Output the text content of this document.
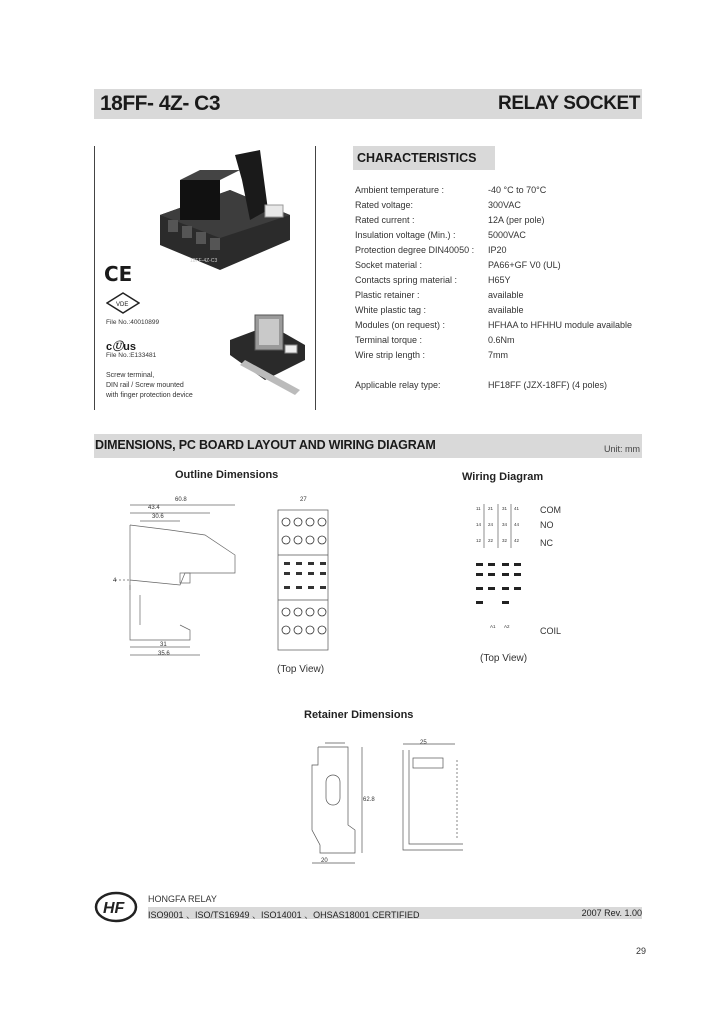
18FF- 4Z- C3	RELAY SOCKET
18FF-4Z-C3
CE
VDE
File No.:40010899
cⓊus
File No.:E133481
Screw terminal,
DIN rail / Screw mounted
with finger protection device
CHARACTERISTICS
Ambient temperature :	-40 °C to 70°C
Rated voltage:	300VAC
Rated current :	12A (per pole)
Insulation voltage (Min.) :	5000VAC
Protection degree DIN40050 : IP20
Socket material :	PA66+GF V0 (UL)
Contacts spring material :	H65Y
Plastic retainer :	available
White plastic tag :	available
Modules (on request) :	HFHAA to HFHHU module available
Terminal torque :	0.6Nm
Wire strip length :	7mm
Applicable relay type:	HF18FF (JZX-18FF) (4 poles)
DIMENSIONS, PC BOARD LAYOUT AND WIRING DIAGRAM	Unit: mm
Outline Dimensions	Wiring Diagram
60.8
43.4
30.6
4
31
35.6
27
(Top View)
11 21 31 41
14 24 34 44
12 22 32 42
A1 A2
COM
NO
NC
COIL
(Top View)
Retainer Dimensions
62.8
20
25
HF
HONGFA RELAY
ISO9001 、ISO/TS16949 、ISO14001 、OHSAS18001 CERTIFIED	2007 Rev. 1.00
29
